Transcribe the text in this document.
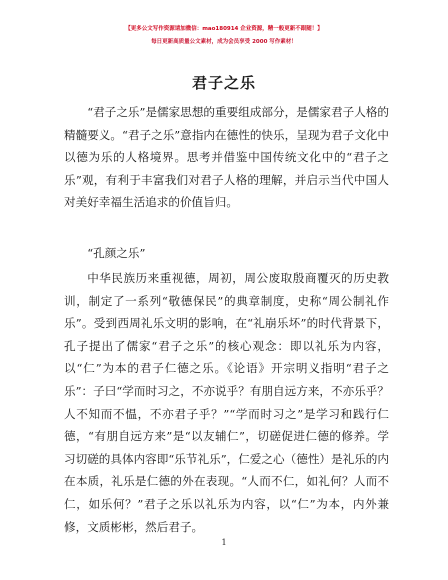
【更多公文写作资源请加微信：mao180914 企业资源，精一般更新不跟随！】
每日更新高质量公文素材，成为会员享受 2000 写作素材！
君子之乐

“君子之乐”是儒家思想的重要组成部分，是儒家君子人格的精髓要义。“君子之乐”意指内在德性的快乐，呈现为君子文化中以德为乐的人格境界。思考并借鉴中国传统文化中的“君子之乐”观，有利于丰富我们对君子人格的理解，并启示当代中国人对美好幸福生活追求的价值旨归。

“孔颜之乐”

中华民族历来重视德，周初，周公废取殷商覆灭的历史教训，制定了一系列“敬德保民”的典章制度，史称“周公制礼作乐”。受到西周礼乐文明的影响，在“礼崩乐坏”的时代背景下，孔子提出了儒家“君子之乐”的核心观念：即以礼乐为内容，以“仁”为本的君子仁德之乐。《论语》开宗明义指明“君子之乐”：子曰“学而时习之，不亦说乎？有朋自远方来，不亦乐乎？人不知而不愠，不亦君子乎？”“学而时习之”是学习和践行仁德，“有朋自远方来”是“以友辅仁”，切磋促进仁德的修养。学习切磋的具体内容即“乐节礼乐”，仁爱之心（德性）是礼乐的内在本质，礼乐是仁德的外在表现。“人而不仁，如礼何？人而不仁，如乐何？”君子之乐以礼乐为内容，以“仁”为本，内外兼修，文质彬彬，然后君子。

1
